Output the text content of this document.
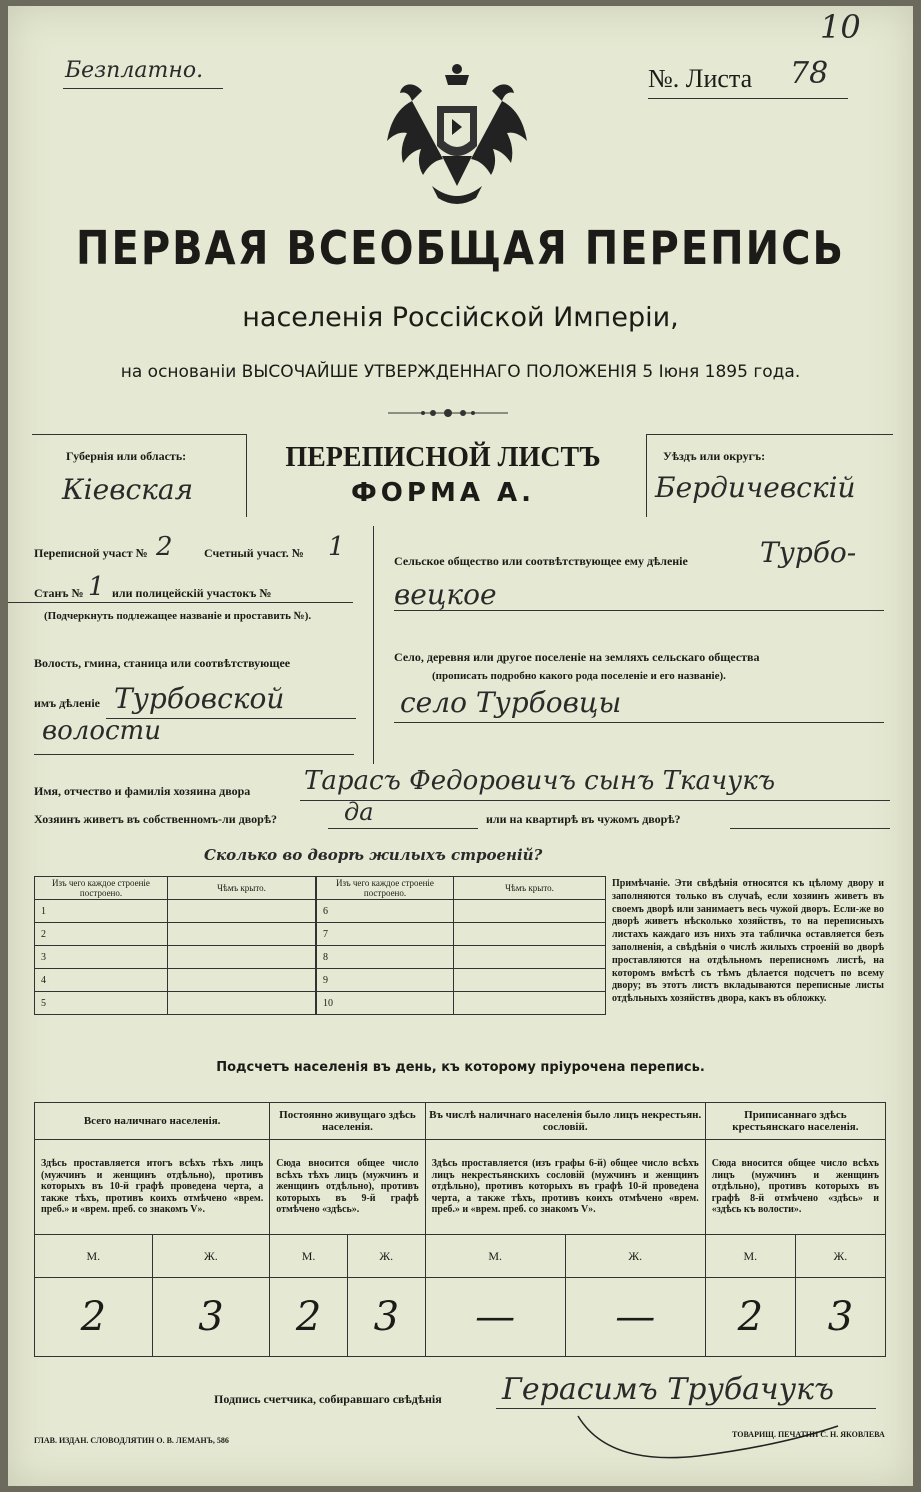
Безплатно.	№. Листа 78
10
ПЕРВАЯ ВСЕОБЩАЯ ПЕРЕПИСЬ
населенія Россійской Имперіи,
на основаніи ВЫСОЧАЙШЕ УТВЕРЖДЕННАГО ПОЛОЖЕНІЯ 5 Іюня 1895 года.
Губернія или область:
Кіевская
ПЕРЕПИСНОЙ ЛИСТЪ
ФОРМА А.
Уѣздъ или округъ:
Бердичевскій
Переписной участ № 2	Счетный участ. № 1
Станъ № 1 или полицейскій участокъ №
(Подчеркнуть подлежащее названіе и проставить №).
Волость, гмина, станица или соотвѣтствующее
имъ дѣленіе Турбовской
волости
Сельское общество или соотвѣтствующее ему дѣленіе	Турбо-
вецкое
Село, деревня или другое поселеніе на земляхъ сельскаго общества
(прописать подробно какого рода поселеніе и его названіе).
село Турбовцы
Имя, отчество и фамилія хозяина двора Тарасъ Федоровичъ сынъ Ткачукъ
Хозяинъ живетъ въ собственномъ-ли дворѣ?	да	или на квартирѣ въ чужомъ дворѣ?
Сколько во дворѣ жилыхъ строеній?
Изъ чего каждое строеніе построено.	Чѣмъ крыто.
1	
2	
3	
4	
5	
Изъ чего каждое строеніе построено.	Чѣмъ крыто.
6	
7	
8	
9	
10	
Примѣчаніе. Эти свѣдѣнія относятся къ цѣлому двору и заполняются только въ случаѣ, если хозяинъ живетъ въ своемъ дворѣ или занимаетъ весь чужой дворъ. Если-же во дворѣ живетъ нѣсколько хозяйствъ, то на переписныхъ листахъ каждаго изъ нихъ эта табличка оставляется безъ заполненія, а свѣдѣнія о числѣ жилыхъ строеній во дворѣ проставляются на отдѣльномъ переписномъ листѣ, на которомъ вмѣстѣ съ тѣмъ дѣлается подсчетъ по всему двору; въ этотъ листъ вкладываются переписные листы отдѣльныхъ хозяйствъ двора, какъ въ обложку.
Подсчетъ населенія въ день, къ которому пріурочена перепись.
Всего наличнаго населенія.		Постоянно живущаго здѣсь населенія.		Въ числѣ наличнаго населенія было лицъ некрестьян. сословій.		Приписаннаго здѣсь крестьянскаго населенія.	
Здѣсь проставляется итогъ всѣхъ тѣхъ лицъ (мужчинъ и женщинъ отдѣльно), противъ которыхъ въ 10-й графѣ проведена черта, а также тѣхъ, противъ коихъ отмѣчено «врем. преб.» и «врем. преб. со знакомъ V».		Сюда вносится общее число всѣхъ тѣхъ лицъ (мужчинъ и женщинъ отдѣльно), противъ которыхъ въ 9-й графѣ отмѣчено «здѣсь».		Здѣсь проставляется (изъ графы 6-й) общее число всѣхъ лицъ некрестьянскихъ сословій (мужчинъ и женщинъ отдѣльно), противъ которыхъ въ графѣ 10-й проведена черта, а также тѣхъ, противъ коихъ отмѣчено «врем. преб.» и «врем. преб. со знакомъ V».		Сюда вносится общее число всѣхъ лицъ (мужчинъ и женщинъ отдѣльно), противъ которыхъ въ графѣ 8-й отмѣчено «здѣсь» и «здѣсь къ волости».	
М.	Ж.	М.	Ж.	М.	Ж.	М.	Ж.
2	3	2	3	—	—	2	3
Подпись счетчика, собиравшаго свѣдѣнія Герасимъ Трубачукъ
ГЛАВ. ИЗДАН. СЛОВОДЛЯТИН О. В. ЛЕМАНЪ, 586
ТОВАРИЩ. ПЕЧАТНИ С. Н. ЯКОВЛЕВА
